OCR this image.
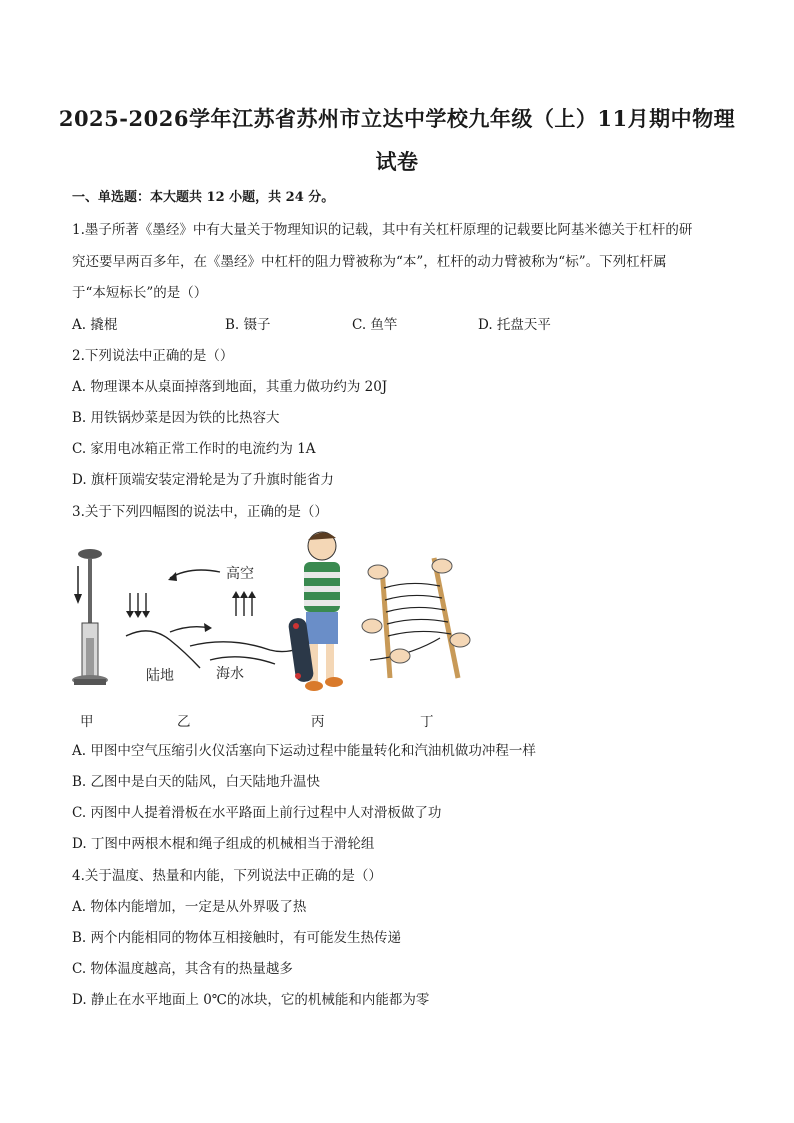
2025-2026学年江苏省苏州市立达中学校九年级（上）11月期中物理
试卷
一、单选题：本大题共 12 小题，共 24 分。
1.墨子所著《墨经》中有大量关于物理知识的记载，其中有关杠杆原理的记载要比阿基米德关于杠杆的研
究还要早两百多年，在《墨经》中杠杆的阻力臂被称为“本”，杠杆的动力臂被称为“标”。下列杠杆属
于“本短标长”的是（）
A. 撬棍	B. 镊子	C. 鱼竿	D. 托盘天平
2.下列说法中正确的是（）
A. 物理课本从桌面掉落到地面，其重力做功约为 20J
B. 用铁锅炒菜是因为铁的比热容大
C. 家用电冰箱正常工作时的电流约为 1A
D. 旗杆顶端安装定滑轮是为了升旗时能省力
3.关于下列四幅图的说法中，正确的是（）
高空
陆地	海水
甲	乙	丙	丁
A. 甲图中空气压缩引火仪活塞向下运动过程中能量转化和汽油机做功冲程一样
B. 乙图中是白天的陆风，白天陆地升温快
C. 丙图中人提着滑板在水平路面上前行过程中人对滑板做了功
D. 丁图中两根木棍和绳子组成的机械相当于滑轮组
4.关于温度、热量和内能，下列说法中正确的是（）
A. 物体内能增加，一定是从外界吸了热
B. 两个内能相同的物体互相接触时，有可能发生热传递
C. 物体温度越高，其含有的热量越多
D. 静止在水平地面上 0℃的冰块，它的机械能和内能都为零
